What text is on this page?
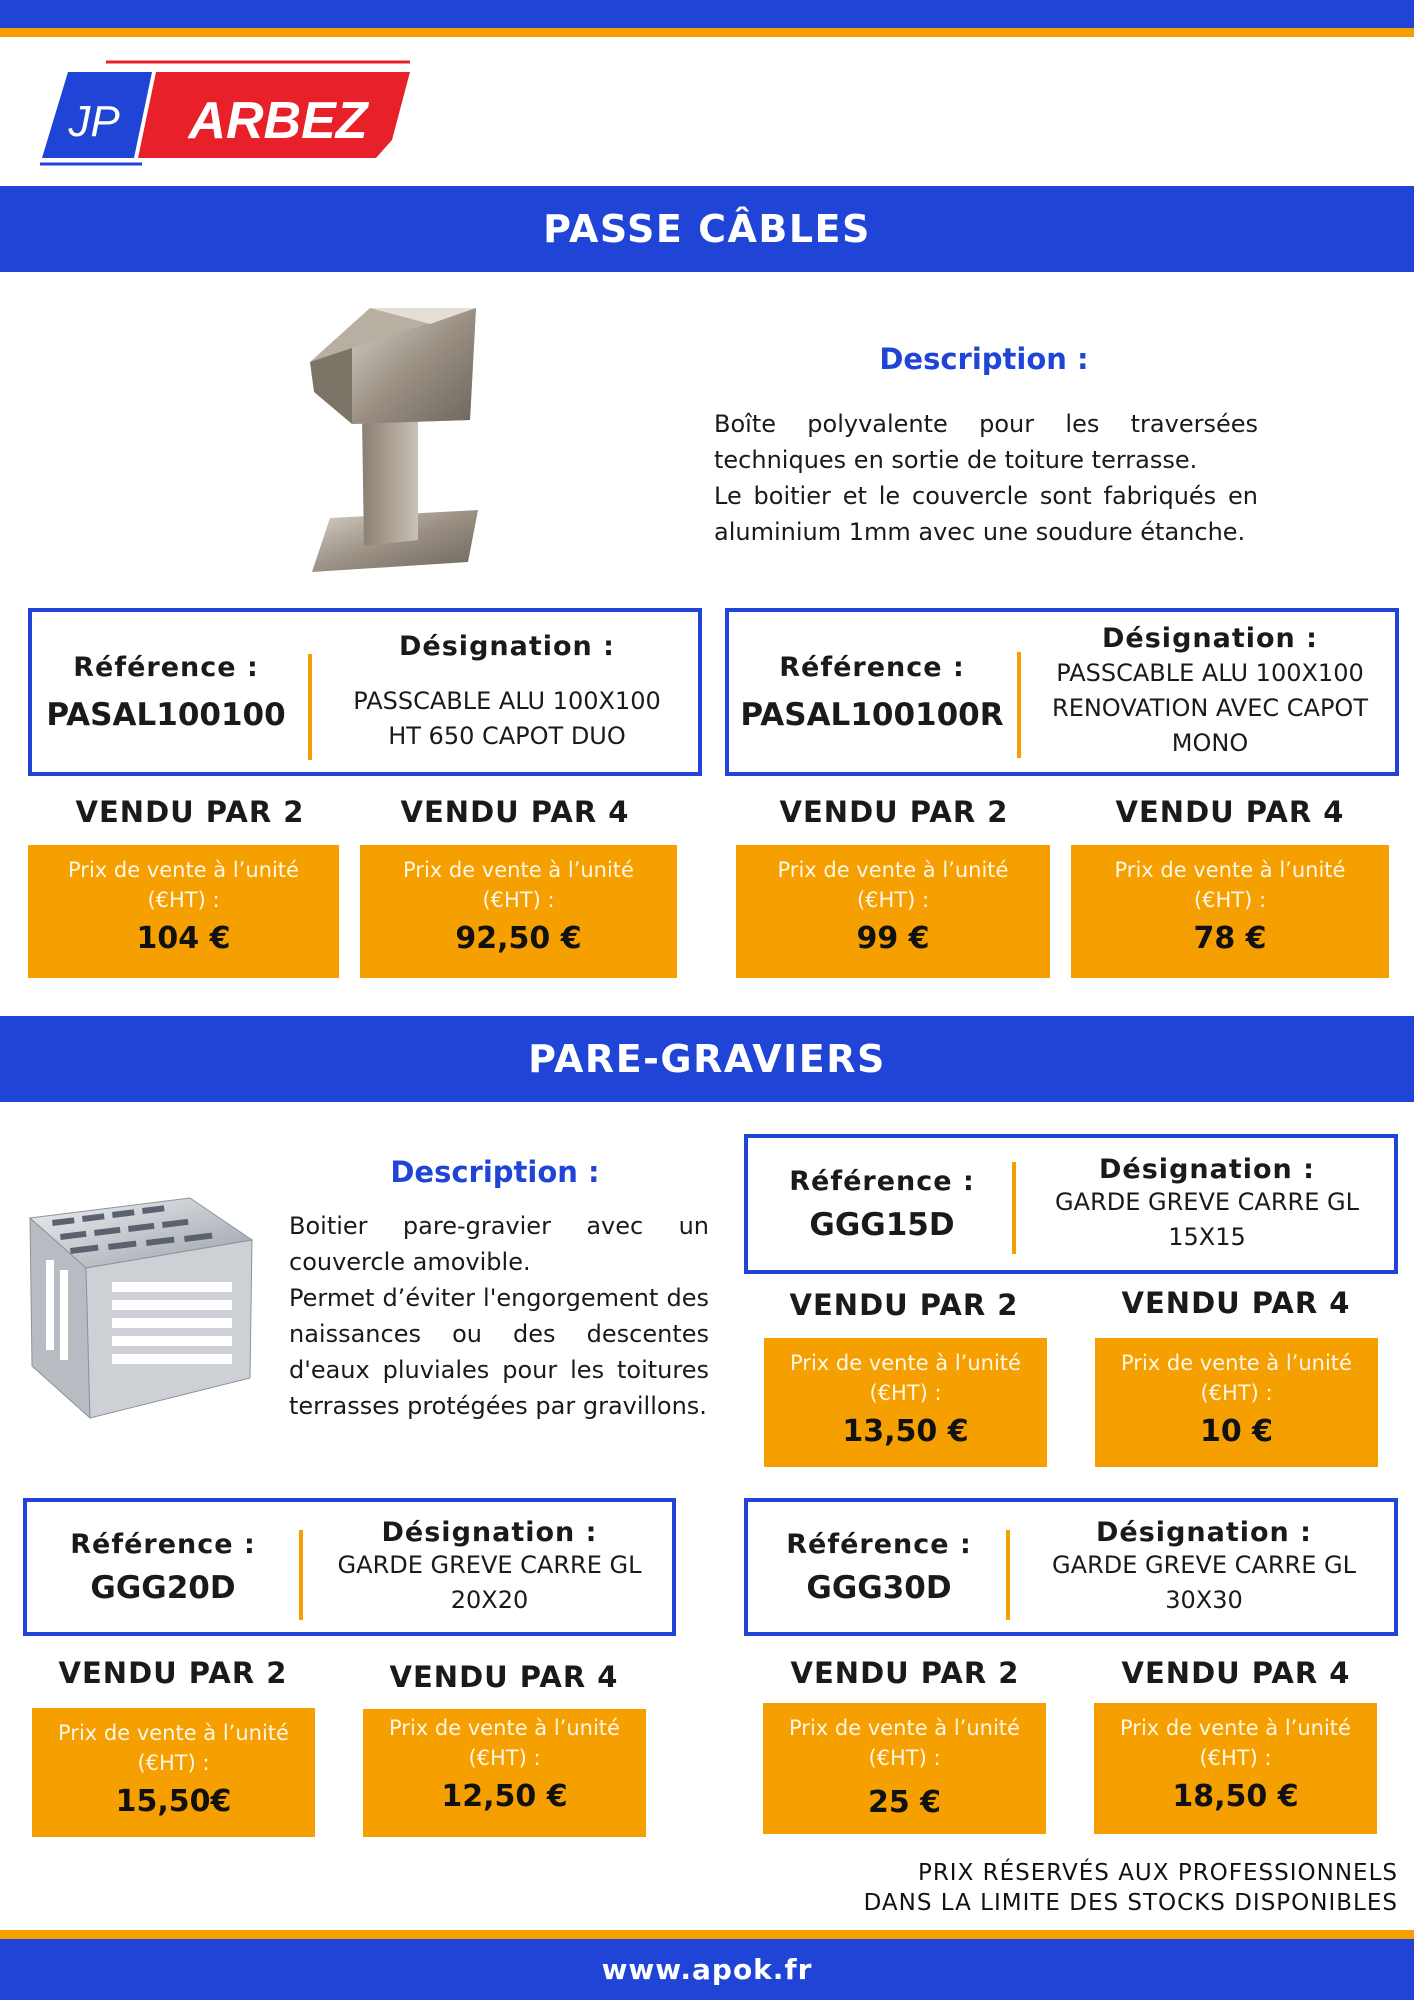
JP ARBEZ
PASSE CÂBLES
Description :
Boîte polyvalente pour les traversées techniques en sortie de toiture terrasse.
Le boitier et le couvercle sont fabriqués en aluminium 1mm avec une soudure étanche.
Référence :
PASAL100100
Désignation :
PASSCABLE ALU 100X100
HT 650 CAPOT DUO
Référence :
PASAL100100R
Désignation :
PASSCABLE ALU 100X100
RENOVATION AVEC CAPOT
MONO
VENDU PAR 2	VENDU PAR 4	VENDU PAR 2	VENDU PAR 4
Prix de vente à l’unité
(€HT) :
104 €
Prix de vente à l’unité
(€HT) :
92,50 €
Prix de vente à l’unité
(€HT) :
99 €
Prix de vente à l’unité
(€HT) :
78 €
PARE-GRAVIERS
Description :
Boitier pare-gravier avec un couvercle amovible.
Permet d’éviter l'engorgement des naissances ou des descentes d'eaux pluviales pour les toitures terrasses protégées par gravillons.
Référence :
GGG15D
Désignation :
GARDE GREVE CARRE GL
15X15
VENDU PAR 2	VENDU PAR 4
Prix de vente à l’unité
(€HT) :
13,50 €
Prix de vente à l’unité
(€HT) :
10 €
Référence :
GGG20D
Désignation :
GARDE GREVE CARRE GL
20X20
Référence :
GGG30D
Désignation :
GARDE GREVE CARRE GL
30X30
VENDU PAR 2	VENDU PAR 4	VENDU PAR 2	VENDU PAR 4
Prix de vente à l’unité
(€HT) :
15,50€
Prix de vente à l’unité
(€HT) :
12,50 €
Prix de vente à l’unité
(€HT) :
25 €
Prix de vente à l’unité
(€HT) :
18,50 €
PRIX RÉSERVÉS AUX PROFESSIONNELS
DANS LA LIMITE DES STOCKS DISPONIBLES
www.apok.fr
